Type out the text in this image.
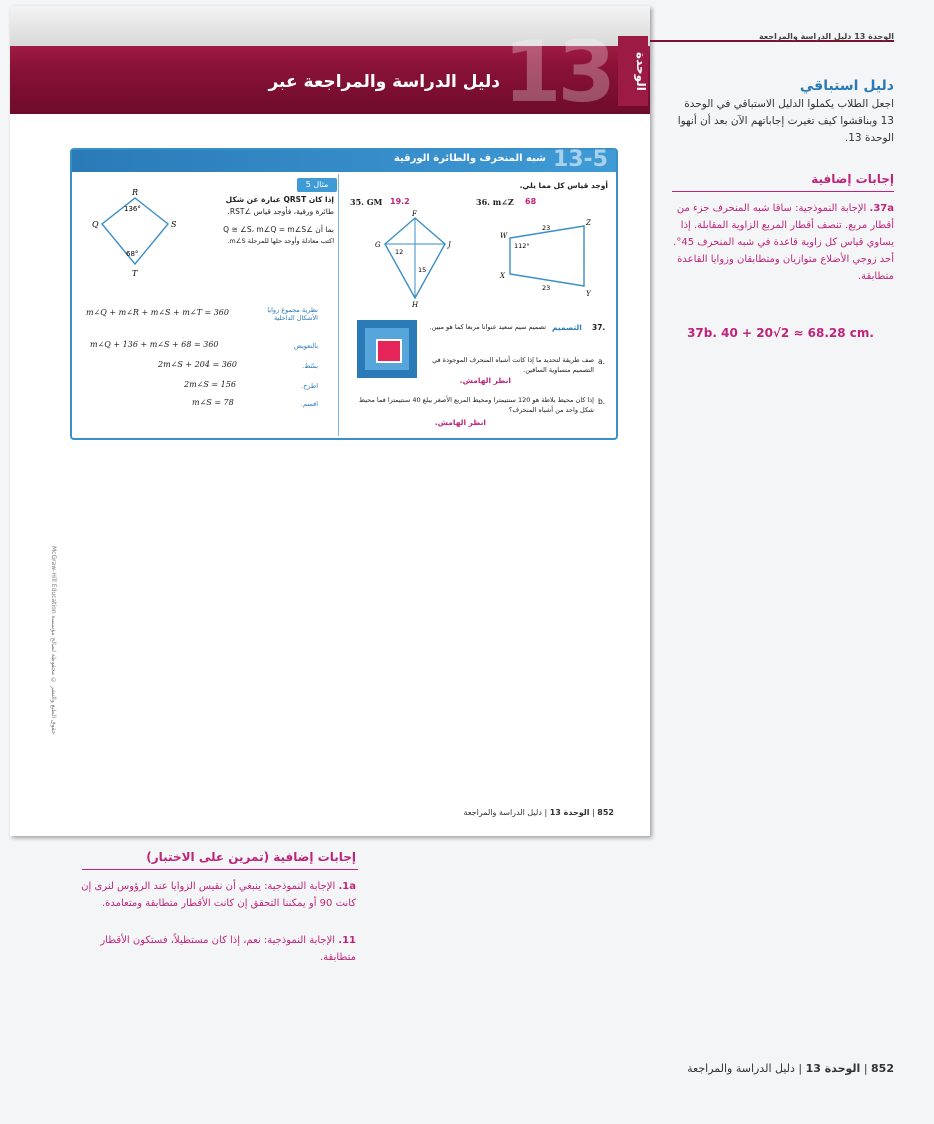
13	الوحدة
دليل الدراسة والمراجعة عبر
13-5
شبه المنحرف والطائرة الورقية
مثال 5
إذا كان QRST عبارة عن شكل
طائرة ورقية، فأوجد قياس ∠RST.
بما أن ∠Q ≅ ∠S، m∠Q = m∠S
اكتب معادلة وأوجد حلها للمرحلة m∠S.
R
Q	S
T
136°
68°
m∠Q + m∠R + m∠S + m∠T = 360	نظرية مجموع زوايا الأشكال الداخلية
m∠Q + 136 + m∠S + 68 = 360	بالتعويض
2m∠S + 204 = 360	بسّط.
2m∠S = 156	اطرح.
m∠S = 78	اقسم.
أوجد قياس كل مما يلي.
35. GM 19.2	36. m∠Z 68
F
G	J
H
12
15
W
Z
X
Y
23
23
112°
37.
التصميم
تصميم سيم سعيد عنوانا مربعا كما هو مبين.
a.
صف طريقة لتحديد ما إذا كانت أشباه المنحرف الموجودة في التصميم متساوية الساقين.
انظر الهامش.
b.
إذا كان محيط بلاطة هو 120 سنتيمترا ومحيط المربع الأصغر يبلغ 40 سنتيمترا فما محيط شكل واحد من أشباه المنحرف؟
انظر الهامش.
McGraw-Hill Education حقوق الطبع والنشر © محفوظة لصالح مؤسسة
852 | الوحدة 13 | دليل الدراسة والمراجعة
الوحدة 13 دليل الدراسة والمراجعة
دليل استباقي
اجعل الطلاب يكملوا الدليل الاستباقي في الوحدة 13 وبناقشوا كيف تغيرت إجاباتهم الآن بعد أن أنهوا الوحدة 13.
إجابات إضافية
37a. الإجابة النموذجية: ساقا شبه المنحرف جزء من أقطار مربع. تنصف أقطار المربع الزاوية المقابلة. إذا يساوي قياس كل زاوية قاعدة في شبه المنحرف 45°. أحد زوجي الأضلاع متوازيان ومتطابقان وزوايا القاعدة متطابقة.
37b. 40 + 20√2 ≈ 68.28 cm.
إجابات إضافية (تمرين على الاختبار)
1a. الإجابة النموذجية: ينبغي أن نقيس الزوايا عند الرؤوس لنرى إن كانت 90 أو يمكننا التحقق إن كانت الأقطار متطابقة ومتعامدة.
11. الإجابة النموذجية: نعم، إذا كان مستطيلاً، فستكون الأقطار متطابقة.
852 | الوحدة 13 | دليل الدراسة والمراجعة
